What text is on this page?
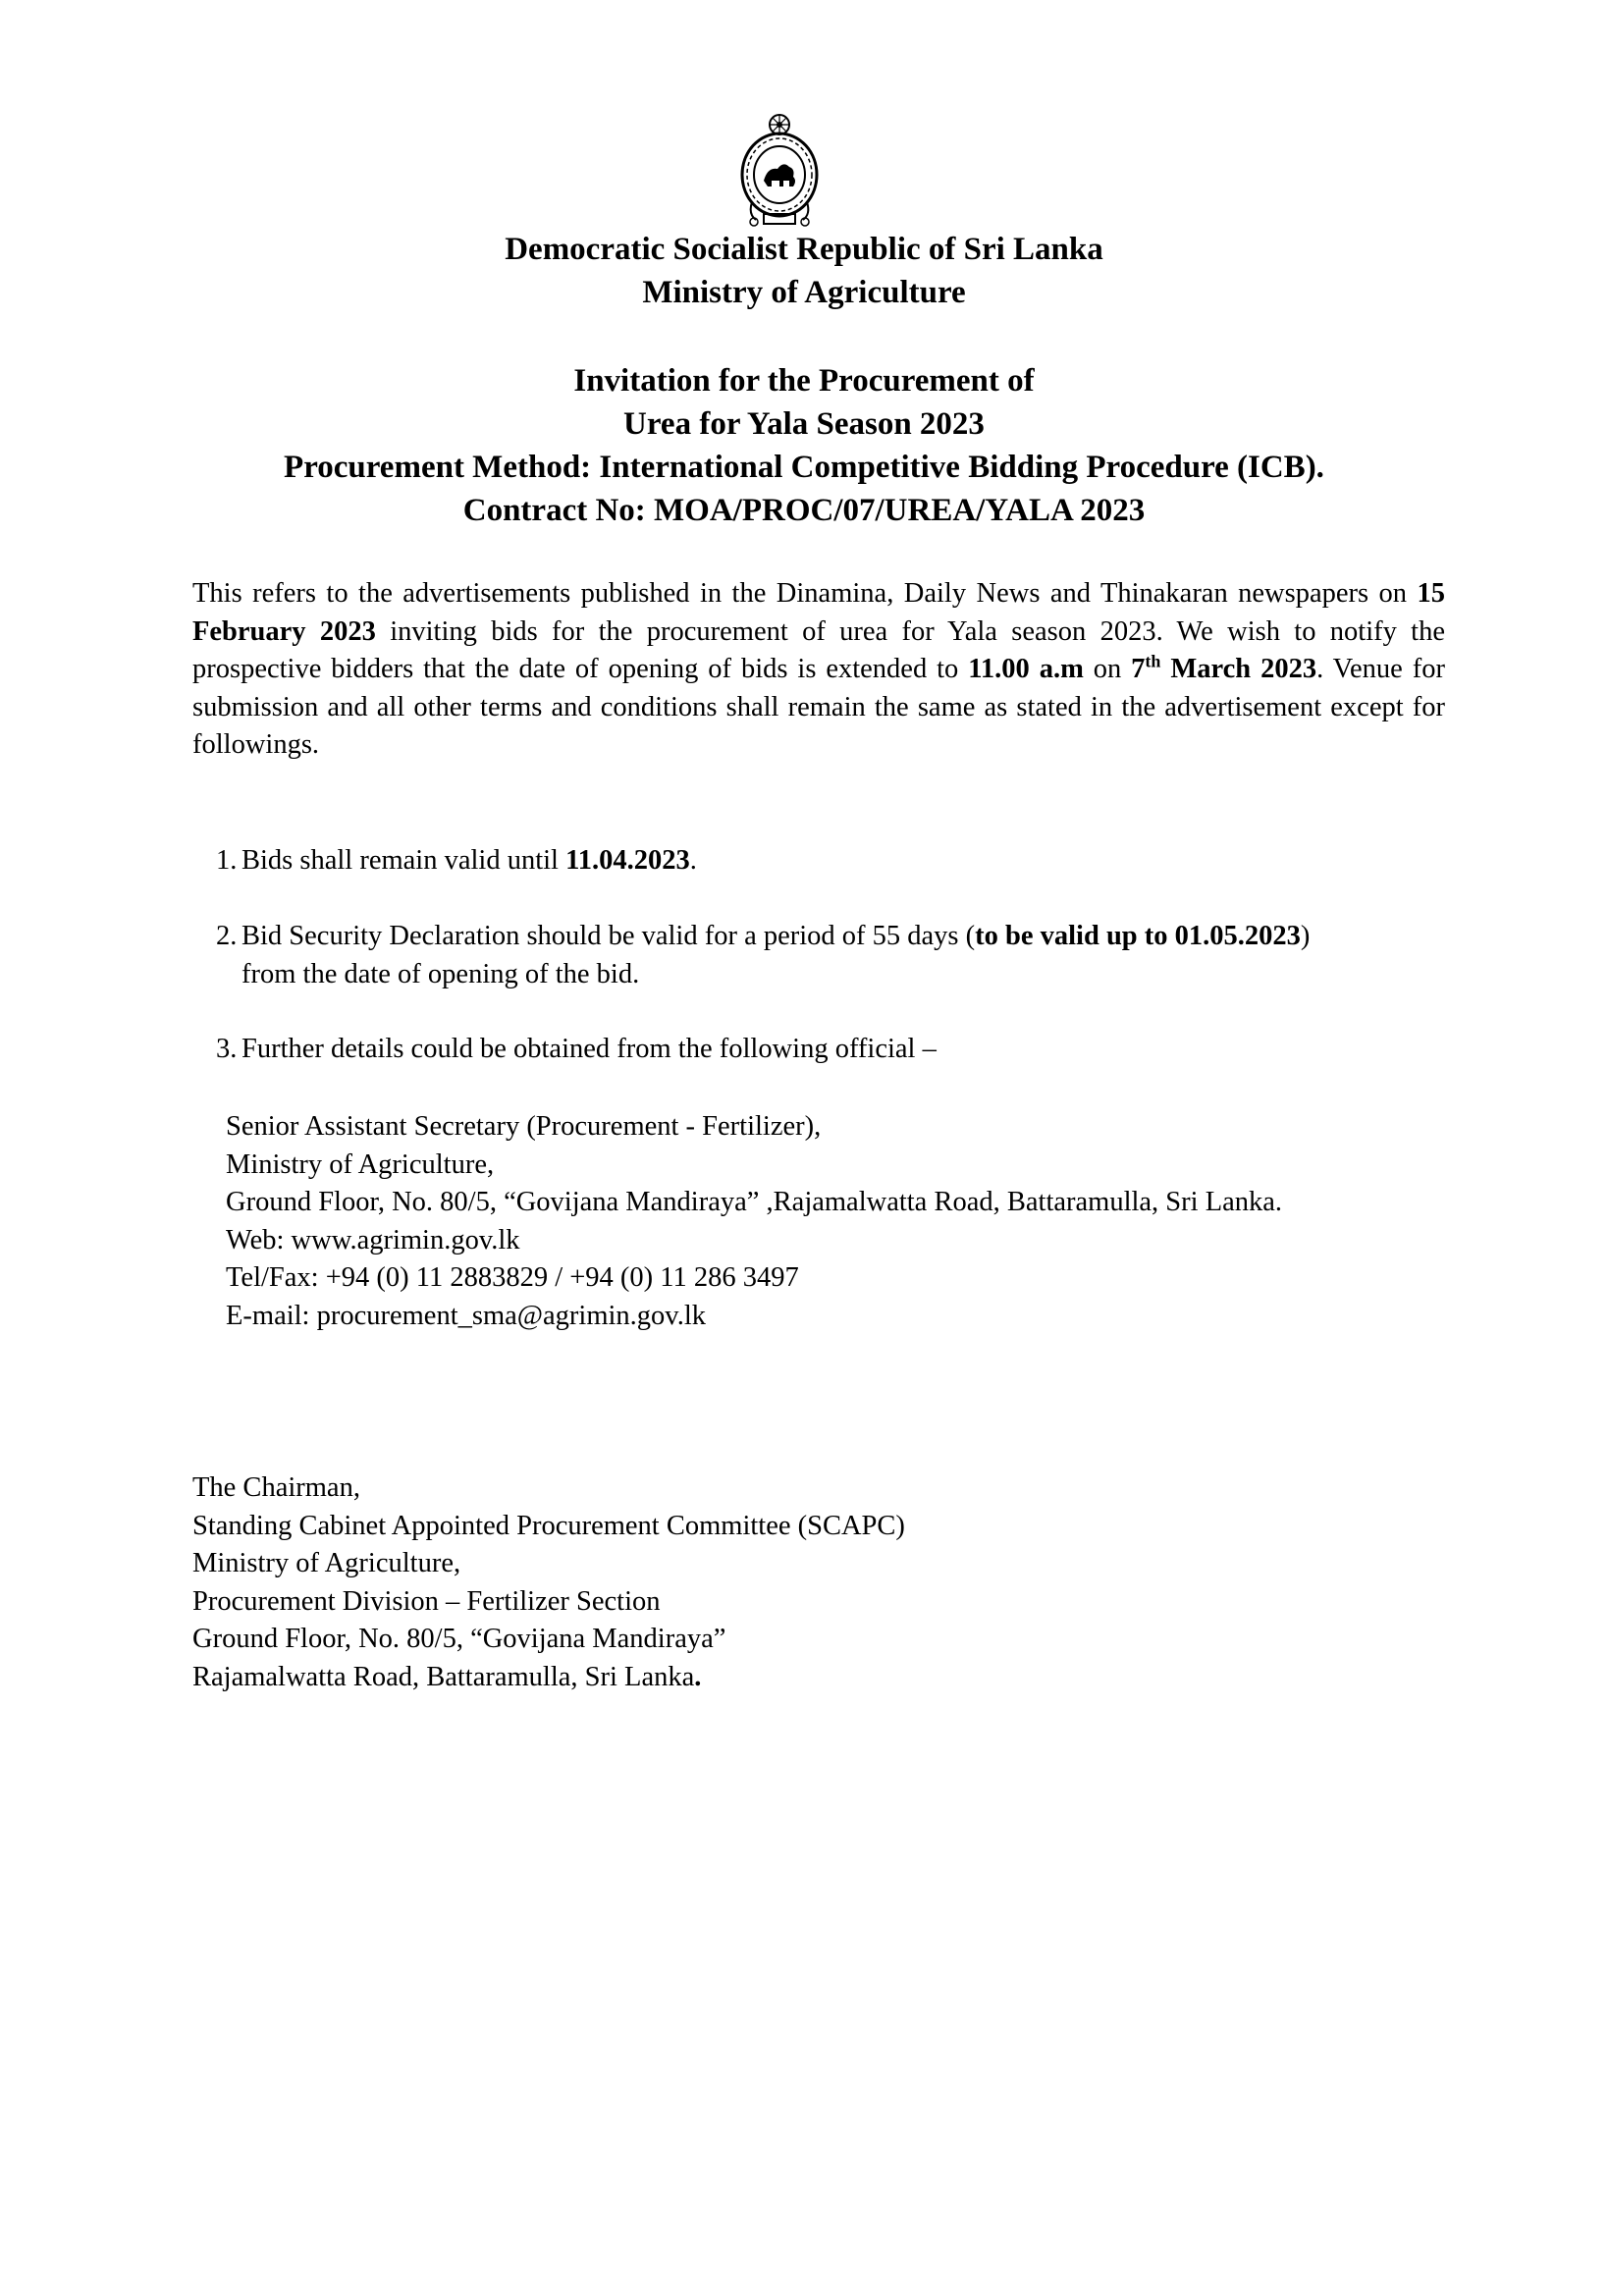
Democratic Socialist Republic of Sri Lanka
Ministry of Agriculture
Invitation for the Procurement of
Urea for Yala Season 2023
Procurement Method: International Competitive Bidding Procedure (ICB).
Contract No: MOA/PROC/07/UREA/YALA 2023

This refers to the advertisements published in the Dinamina, Daily News and Thinakaran newspapers on 15 February 2023 inviting bids for the procurement of urea for Yala season 2023. We wish to notify the prospective bidders that the date of opening of bids is extended to 11.00 a.m on 7th March 2023. Venue for submission and all other terms and conditions shall remain the same as stated in the advertisement except for followings.

1. Bids shall remain valid until 11.04.2023.
2. Bid Security Declaration should be valid for a period of 55 days (to be valid up to 01.05.2023)
from the date of opening of the bid.
3. Further details could be obtained from the following official –
Senior Assistant Secretary (Procurement - Fertilizer),
Ministry of Agriculture,
Ground Floor, No. 80/5, “Govijana Mandiraya” ,Rajamalwatta Road, Battaramulla, Sri Lanka.
Web: www.agrimin.gov.lk
Tel/Fax: +94 (0) 11 2883829 / +94 (0) 11 286 3497
E-mail: procurement_sma@agrimin.gov.lk
The Chairman,
Standing Cabinet Appointed Procurement Committee (SCAPC)
Ministry of Agriculture,
Procurement Division – Fertilizer Section
Ground Floor, No. 80/5, “Govijana Mandiraya”
Rajamalwatta Road, Battaramulla, Sri Lanka.
